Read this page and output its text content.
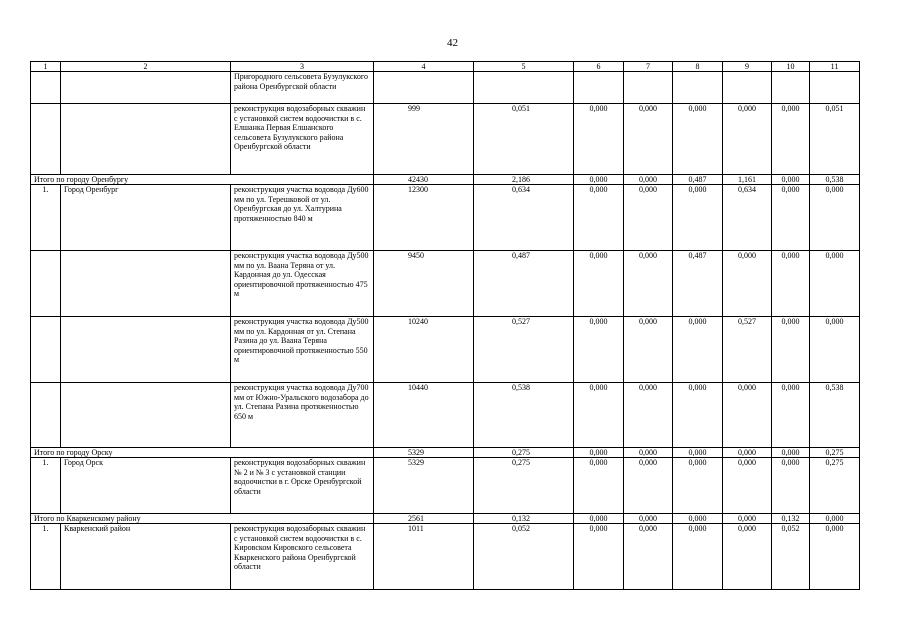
42
1	2	3	4	5	6	7	8	9	10	11
		Пригородного сельсовета Бузулукского района Оренбургской области								
		реконструкция водозаборных скважин с установкой систем водоочистки в с. Елшанка Первая Елшанского сельсовета Бузулукского района Оренбургской области	999	0,051	0,000	0,000	0,000	0,000	0,000	0,051
Итого по городу Оренбургу			42430	2,186	0,000	0,000	0,487	1,161	0,000	0,538
1.	Город Оренбург	реконструкция участка водовода Ду600 мм по ул. Терешковой от ул. Оренбургская до ул. Халтурина протяженностью 840 м	12300	0,634	0,000	0,000	0,000	0,634	0,000	0,000
		реконструкция участка водовода Ду500 мм по ул. Ваана Теряна от ул. Кардонная до ул. Одесская ориентировочной протяженностью 475 м	9450	0,487	0,000	0,000	0,487	0,000	0,000	0,000
		реконструкция участка водовода Ду500 мм по ул. Кардонная от ул. Степана Разина до ул. Ваана Теряна ориентировочной протяженностью 550 м	10240	0,527	0,000	0,000	0,000	0,527	0,000	0,000
		реконструкция участка водовода Ду700 мм от Южно-Уральского водозабора до ул. Степана Разина протяженностью 650 м	10440	0,538	0,000	0,000	0,000	0,000	0,000	0,538
Итого по городу Орску			5329	0,275	0,000	0,000	0,000	0,000	0,000	0,275
1.	Город Орск	реконструкция водозаборных скважин № 2 и № 3 с установкой станции водоочистки в г. Орске Оренбургской области	5329	0,275	0,000	0,000	0,000	0,000	0,000	0,275
Итого по Кваркенскому району			2561	0,132	0,000	0,000	0,000	0,000	0,132	0,000
1.	Кваркенский район	реконструкция водозаборных скважин с установкой систем водоочистки в с. Кировском Кировского сельсовета Кваркенского района Оренбургской области	1011	0,052	0,000	0,000	0,000	0,000	0,052	0,000
